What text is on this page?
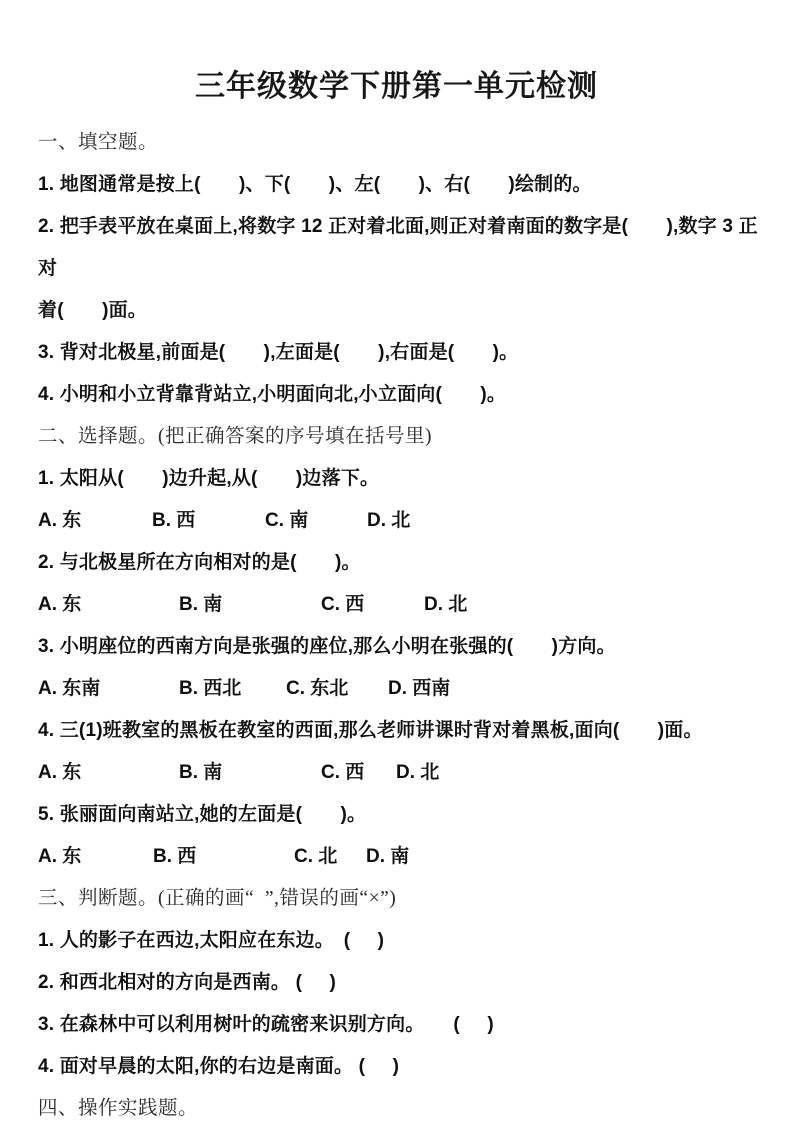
三年级数学下册第一单元检测
一、填空题。
1. 地图通常是按上(       )、下(       )、左(       )、右(       )绘制的。
2. 把手表平放在桌面上,将数字 12 正对着北面,则正对着南面的数字是(       ),数字 3 正对
着(       )面。
3. 背对北极星,前面是(       ),左面是(       ),右面是(       )。
4. 小明和小立背靠背站立,小明面向北,小立面向(       )。
二、选择题。(把正确答案的序号填在括号里)
1. 太阳从(       )边升起,从(       )边落下。
A. 东	B. 西	C. 南	D. 北
2. 与北极星所在方向相对的是(       )。
A. 东	B. 南	C. 西	D. 北
3. 小明座位的西南方向是张强的座位,那么小明在张强的(       )方向。
A. 东南	B. 西北	C. 东北	D. 西南
4. 三(1)班教室的黑板在教室的西面,那么老师讲课时背对着黑板,面向(       )面。
A. 东	B. 南	C. 西	D. 北
5. 张丽面向南站立,她的左面是(       )。
A. 东	B. 西	C. 北	D. 南
三、判断题。(正确的画“  ”,错误的画“×”)
1. 人的影子在西边,太阳应在东边。　(     )
2. 和西北相对的方向是西南。 (     )
3. 在森林中可以利用树叶的疏密来识别方向。　　(     )
4. 面对早晨的太阳,你的右边是南面。 (     )
四、操作实践题。
